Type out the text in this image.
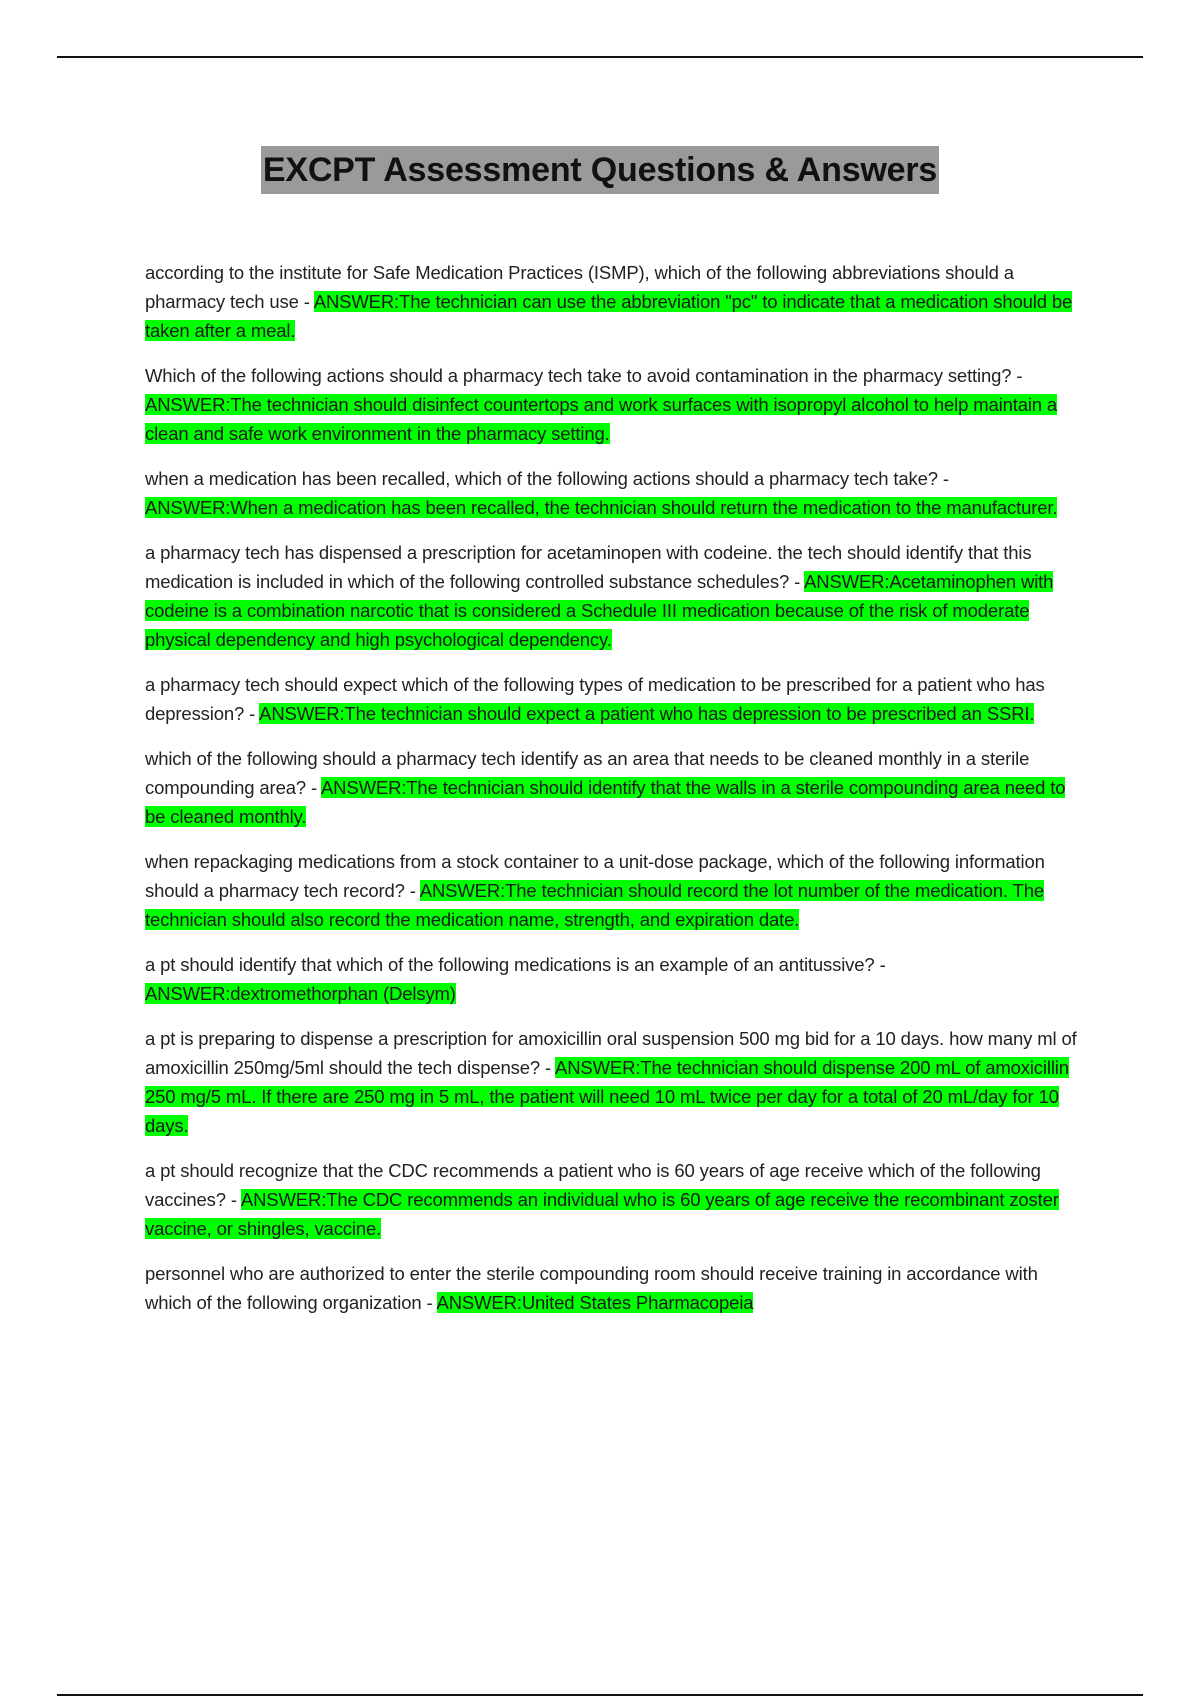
EXCPT Assessment Questions & Answers

according to the institute for Safe Medication Practices (ISMP), which of the following abbreviations should a pharmacy tech use - ANSWER:The technician can use the abbreviation "pc" to indicate that a medication should be taken after a meal.

Which of the following actions should a pharmacy tech take to avoid contamination in the pharmacy setting? - ANSWER:The technician should disinfect countertops and work surfaces with isopropyl alcohol to help maintain a clean and safe work environment in the pharmacy setting.

when a medication has been recalled, which of the following actions should a pharmacy tech take? - ANSWER:When a medication has been recalled, the technician should return the medication to the manufacturer.

a pharmacy tech has dispensed a prescription for acetaminopen with codeine. the tech should identify that this medication is included in which of the following controlled substance schedules? - ANSWER:Acetaminophen with codeine is a combination narcotic that is considered a Schedule III medication because of the risk of moderate physical dependency and high psychological dependency.

a pharmacy tech should expect which of the following types of medication to be prescribed for a patient who has depression? - ANSWER:The technician should expect a patient who has depression to be prescribed an SSRI.

which of the following should a pharmacy tech identify as an area that needs to be cleaned monthly in a sterile compounding area? - ANSWER:The technician should identify that the walls in a sterile compounding area need to be cleaned monthly.

when repackaging medications from a stock container to a unit-dose package, which of the following information should a pharmacy tech record? - ANSWER:The technician should record the lot number of the medication. The technician should also record the medication name, strength, and expiration date.

a pt should identify that which of the following medications is an example of an antitussive? - ANSWER:dextromethorphan (Delsym)

a pt is preparing to dispense a prescription for amoxicillin oral suspension 500 mg bid for a 10 days. how many ml of amoxicillin 250mg/5ml should the tech dispense? - ANSWER:The technician should dispense 200 mL of amoxicillin 250 mg/5 mL. If there are 250 mg in 5 mL, the patient will need 10 mL twice per day for a total of 20 mL/day for 10 days.

a pt should recognize that the CDC recommends a patient who is 60 years of age receive which of the following vaccines? - ANSWER:The CDC recommends an individual who is 60 years of age receive the recombinant zoster vaccine, or shingles, vaccine.

personnel who are authorized to enter the sterile compounding room should receive training in accordance with which of the following organization - ANSWER:United States Pharmacopeia
